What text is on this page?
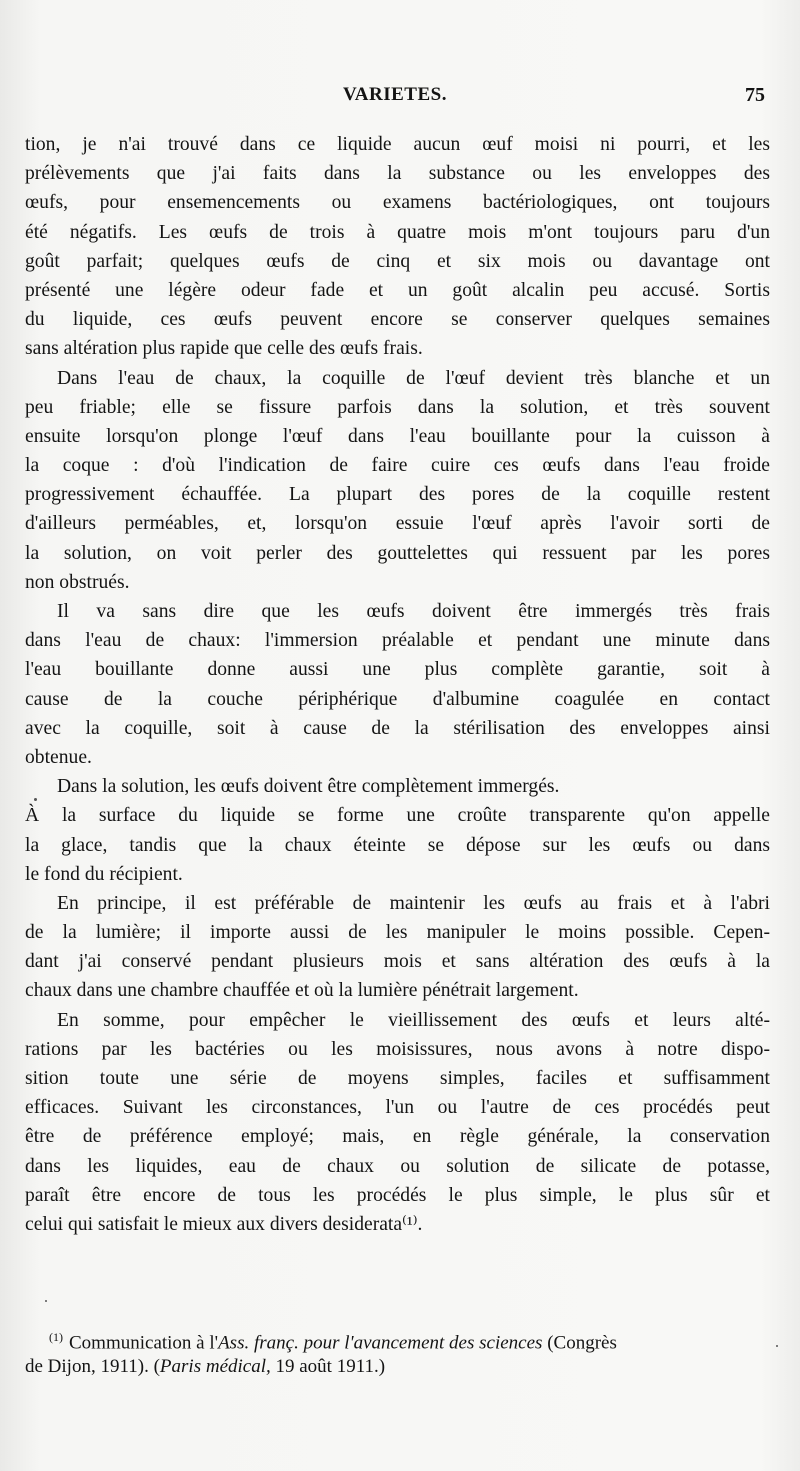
VARIETES.	75
tion, je n'ai trouvé dans ce liquide aucun œuf moisi ni pourri, et les
prélèvements que j'ai faits dans la substance ou les enveloppes des
œufs, pour ensemencements ou examens bactériologiques, ont toujours
été négatifs. Les œufs de trois à quatre mois m'ont toujours paru d'un
goût parfait; quelques œufs de cinq et six mois ou davantage ont
présenté une légère odeur fade et un goût alcalin peu accusé. Sortis
du liquide, ces œufs peuvent encore se conserver quelques semaines
sans altération plus rapide que celle des œufs frais.
Dans l'eau de chaux, la coquille de l'œuf devient très blanche et un
peu friable; elle se fissure parfois dans la solution, et très souvent
ensuite lorsqu'on plonge l'œuf dans l'eau bouillante pour la cuisson à
la coque : d'où l'indication de faire cuire ces œufs dans l'eau froide
progressivement échauffée. La plupart des pores de la coquille restent
d'ailleurs perméables, et, lorsqu'on essuie l'œuf après l'avoir sorti de
la solution, on voit perler des gouttelettes qui ressuent par les pores
non obstrués.
Il va sans dire que les œufs doivent être immergés très frais
dans l'eau de chaux: l'immersion préalable et pendant une minute dans
l'eau bouillante donne aussi une plus complète garantie, soit à
cause de la couche périphérique d'albumine coagulée en contact
avec la coquille, soit à cause de la stérilisation des enveloppes ainsi
obtenue.
Dans la solution, les œufs doivent être complètement immergés.
À la surface du liquide se forme une croûte transparente qu'on appelle
la glace, tandis que la chaux éteinte se dépose sur les œufs ou dans
le fond du récipient.
En principe, il est préférable de maintenir les œufs au frais et à l'abri
de la lumière; il importe aussi de les manipuler le moins possible. Cepen-
dant j'ai conservé pendant plusieurs mois et sans altération des œufs à la
chaux dans une chambre chauffée et où la lumière pénétrait largement.
En somme, pour empêcher le vieillissement des œufs et leurs alté-
rations par les bactéries ou les moisissures, nous avons à notre dispo-
sition toute une série de moyens simples, faciles et suffisamment
efficaces. Suivant les circonstances, l'un ou l'autre de ces procédés peut
être de préférence employé; mais, en règle générale, la conservation
dans les liquides, eau de chaux ou solution de silicate de potasse,
paraît être encore de tous les procédés le plus simple, le plus sûr et
celui qui satisfait le mieux aux divers desiderata⁽¹⁾.
$^{(1)}$ Communication à l'Ass. franç. pour l'avancement des sciences (Congrès
de Dijon, 1911). (Paris médical, 19 août 1911.)
